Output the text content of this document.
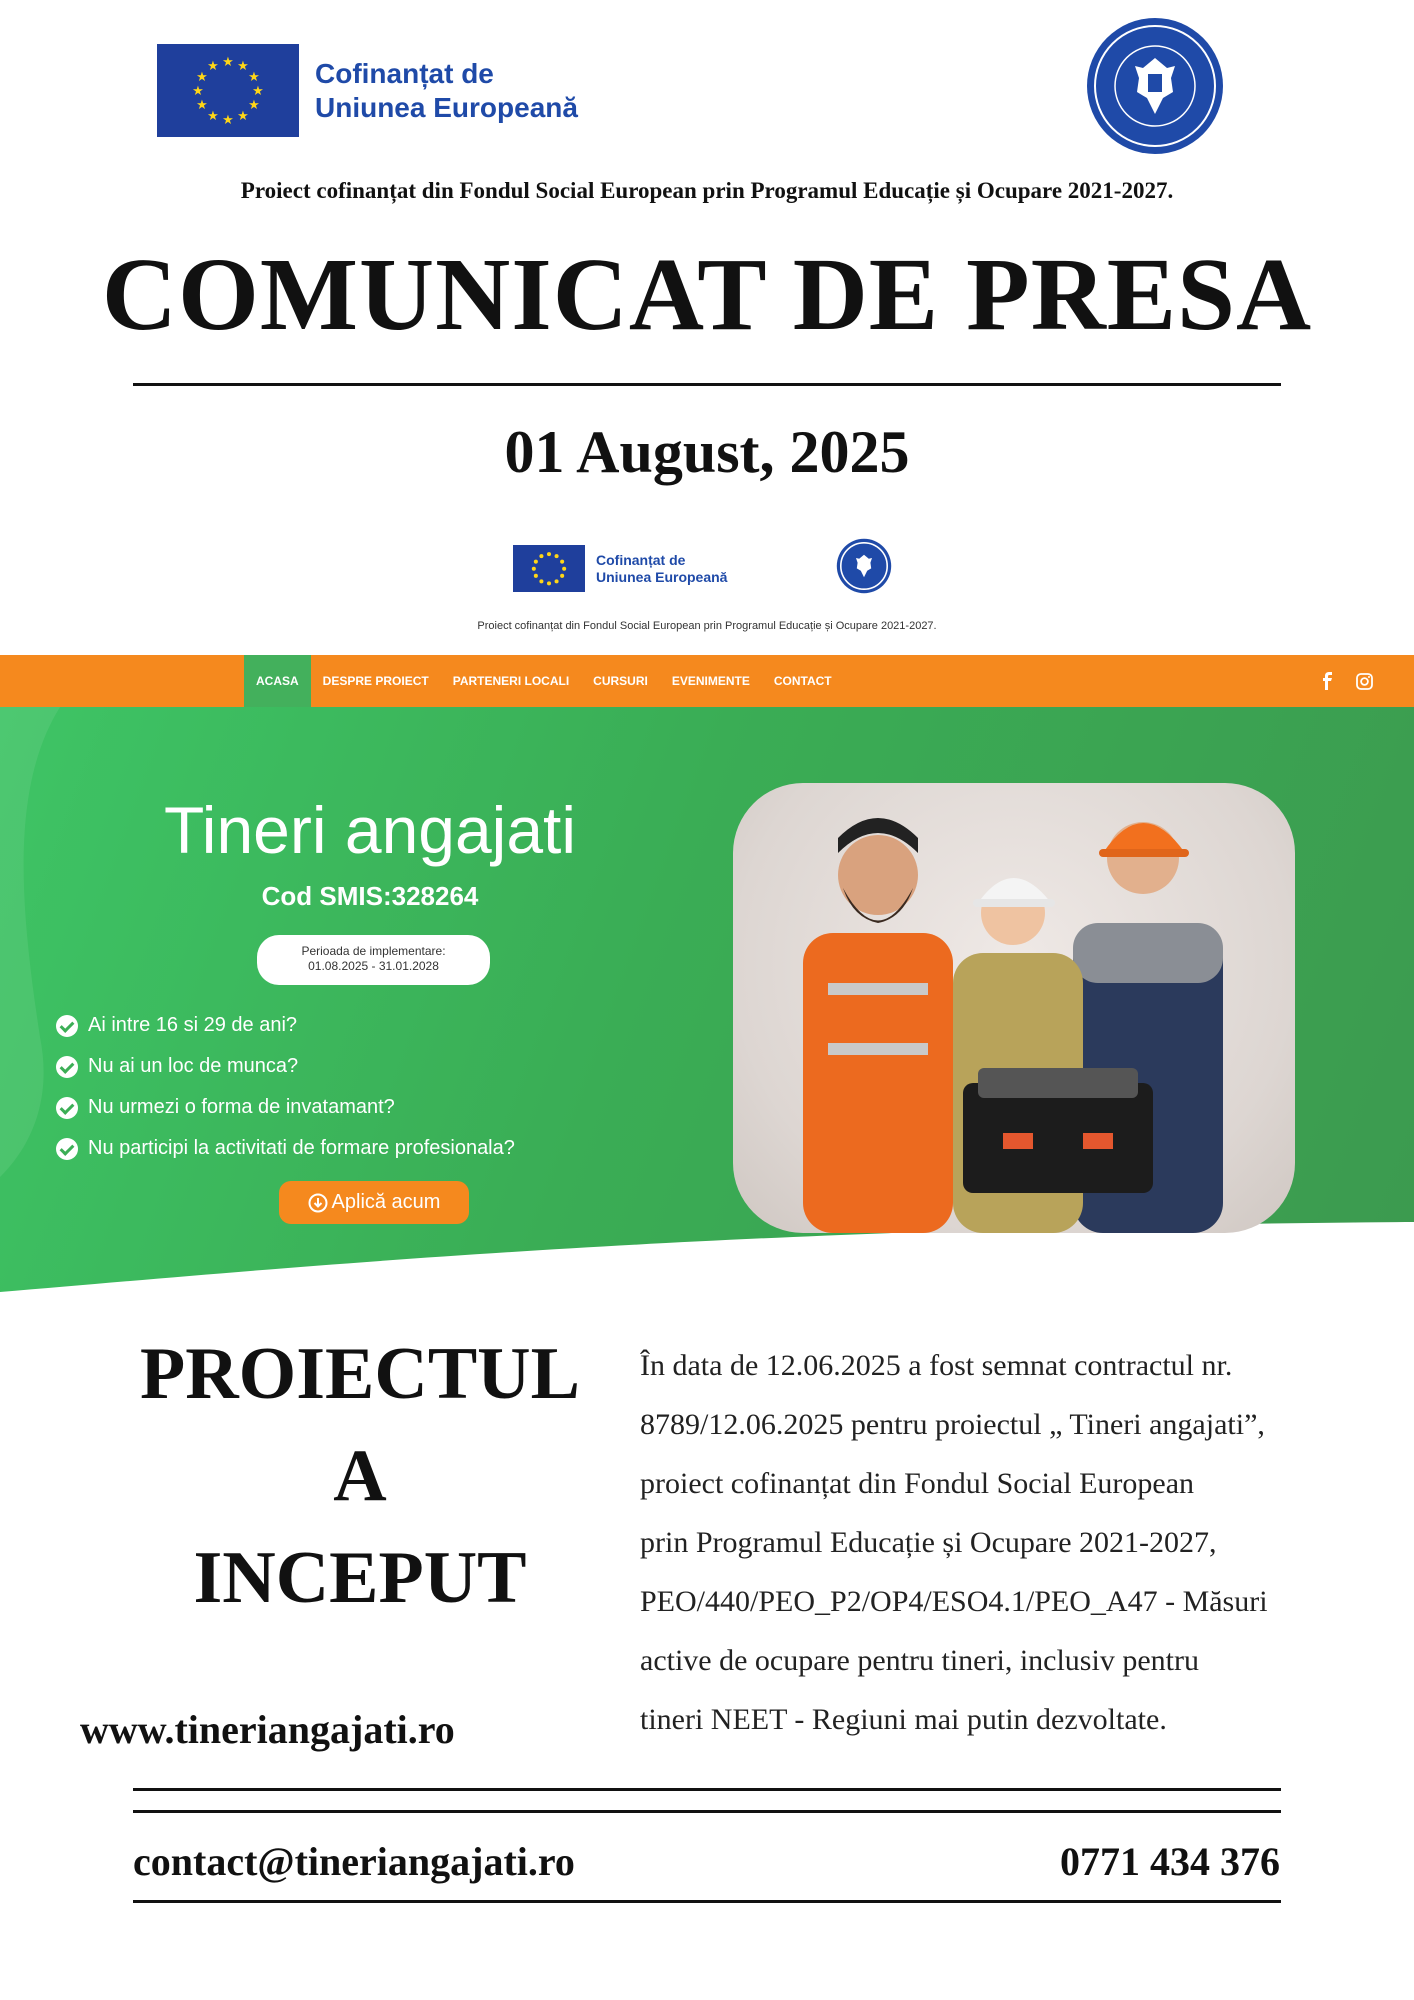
★ ★
★
★
★
★
★
★
★
★
★
★	Cofinanțat de
Uniunea Europeană
Proiect cofinanțat din Fondul Social European prin Programul Educație și Ocupare 2021-2027.
COMUNICAT DE PRESA
01 August, 2025
Cofinanțat de
Uniunea Europeană
Proiect cofinanțat din Fondul Social European prin Programul Educație și Ocupare 2021-2027.
ACASA	DESPRE PROIECT	PARTENERI LOCALI	CURSURI	EVENIMENTE	CONTACT
Tineri angajati
Cod SMIS:328264
Perioada de implementare:
01.08.2025 - 31.01.2028
Ai intre 16 si 29 de ani?
Nu ai un loc de munca?
Nu urmezi o forma de invatamant?
Nu participi la activitati de formare profesionala?
Aplică acum
PROIECTUL
A
INCEPUT
În data de 12.06.2025 a fost semnat contractul nr.
8789/12.06.2025 pentru proiectul „ Tineri angajati”,
proiect cofinanțat din Fondul Social European
prin Programul Educație și Ocupare 2021-2027,
PEO/440/PEO_P2/OP4/ESO4.1/PEO_A47 - Măsuri
active de ocupare pentru tineri, inclusiv pentru
tineri NEET - Regiuni mai putin dezvoltate.
www.tineriangajati.ro
contact@tineriangajati.ro	0771 434 376
